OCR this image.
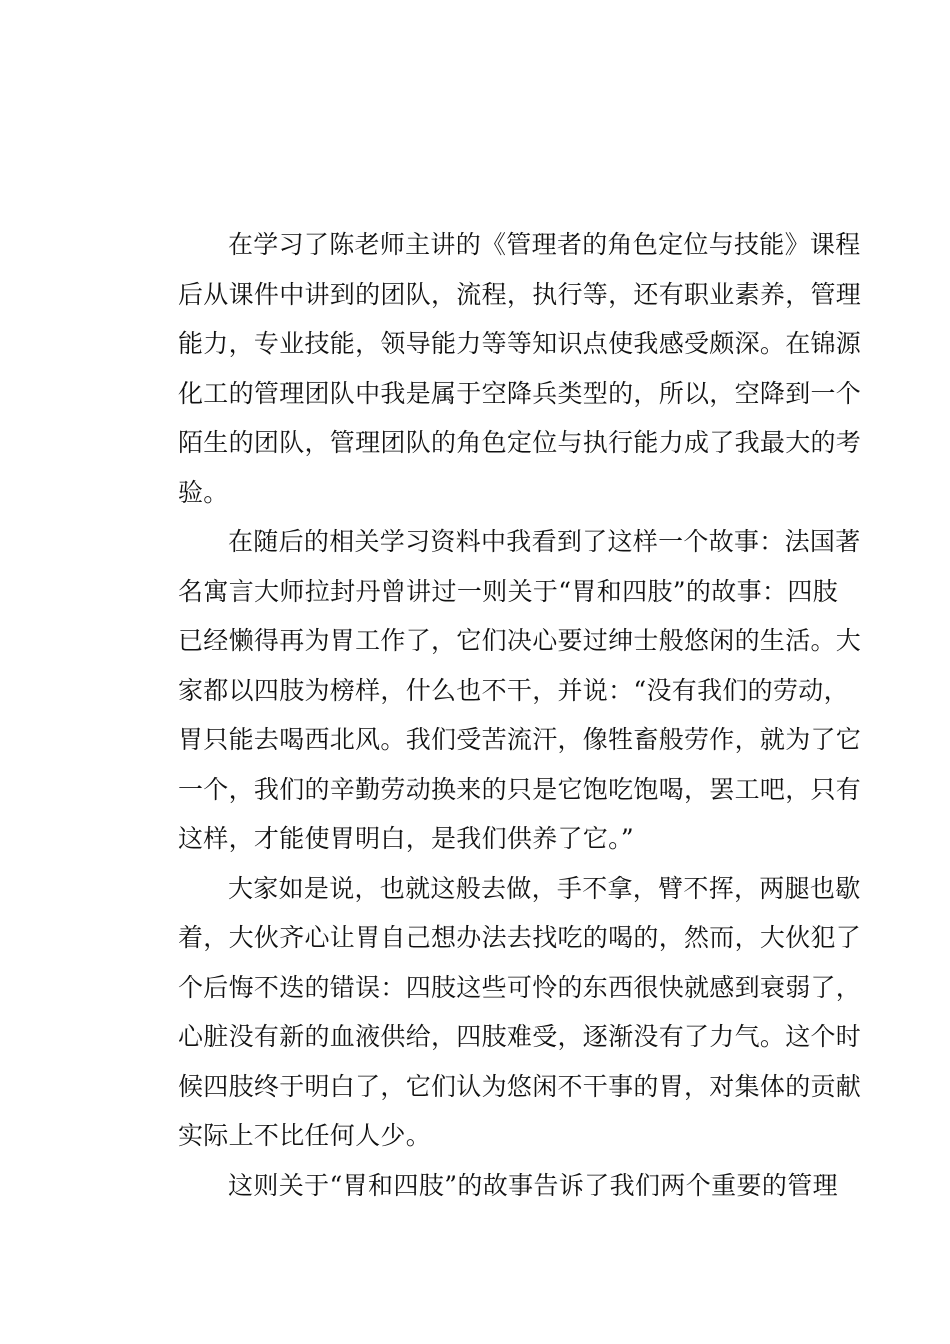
在学习了陈老师主讲的《管理者的角色定位与技能》课程
后从课件中讲到的团队，流程，执行等，还有职业素养，管理
能力，专业技能，领导能力等等知识点使我感受颇深。在锦源
化工的管理团队中我是属于空降兵类型的，所以，空降到一个
陌生的团队，管理团队的角色定位与执行能力成了我最大的考
验。
在随后的相关学习资料中我看到了这样一个故事：法国著
名寓言大师拉封丹曾讲过一则关于“胃和四肢”的故事：四肢
已经懒得再为胃工作了，它们决心要过绅士般悠闲的生活。大
家都以四肢为榜样，什么也不干，并说：“没有我们的劳动，
胃只能去喝西北风。我们受苦流汗，像牲畜般劳作，就为了它
一个，我们的辛勤劳动换来的只是它饱吃饱喝，罢工吧，只有
这样，才能使胃明白，是我们供养了它。”
大家如是说，也就这般去做，手不拿，臂不挥，两腿也歇
着，大伙齐心让胃自己想办法去找吃的喝的，然而，大伙犯了
个后悔不迭的错误：四肢这些可怜的东西很快就感到衰弱了，
心脏没有新的血液供给，四肢难受，逐渐没有了力气。这个时
候四肢终于明白了，它们认为悠闲不干事的胃，对集体的贡献
实际上不比任何人少。
这则关于“胃和四肢”的故事告诉了我们两个重要的管理
